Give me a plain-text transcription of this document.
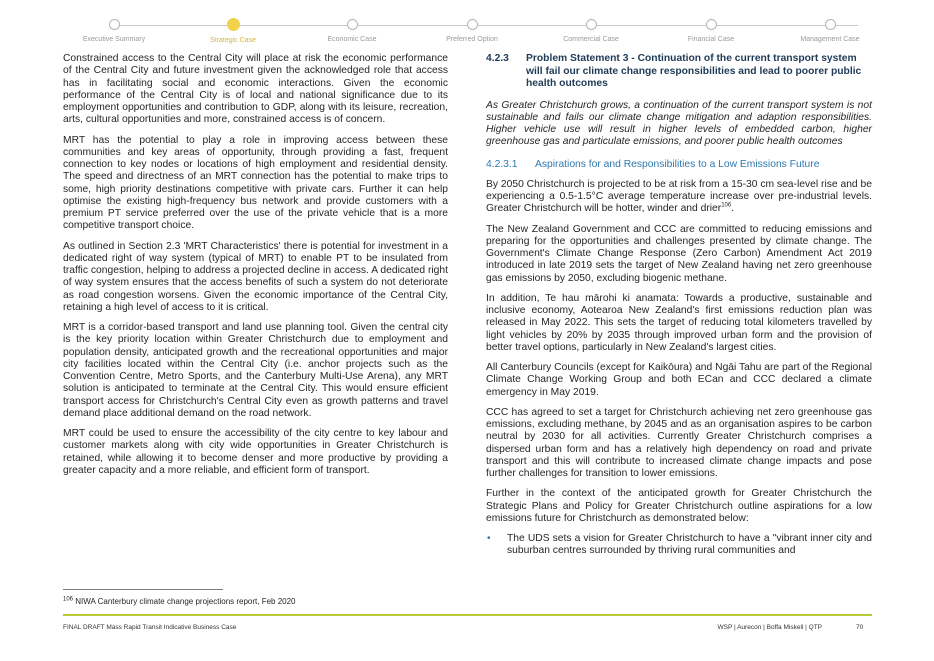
Executive Summary	Strategic Case	Economic Case	Preferred Option	Commercial Case	Financial Case	Management Case

Constrained access to the Central City will place at risk the economic performance of the Central City and future investment given the acknowledged role that access has in facilitating social and economic interactions. Given the economic performance of the Central City is of local and national significance due to its employment opportunities and contribution to GDP, along with its leisure, recreation, arts, cultural opportunities and more, constrained access is of concern.

MRT has the potential to play a role in improving access between these communities and key areas of opportunity, through providing a fast, frequent connection to key nodes or locations of high employment and residential density. The speed and directness of an MRT connection has the potential to make trips to some, high priority destinations competitive with private cars. Further it can help optimise the existing high-frequency bus network and provide customers with a premium PT service preferred over the use of the private vehicle that is a more competitive transport choice.

As outlined in Section 2.3 'MRT Characteristics' there is potential for investment in a dedicated right of way system (typical of MRT) to enable PT to be insulated from traffic congestion, helping to address a projected decline in access. A dedicated right of way system ensures that the access benefits of such a system do not deteriorate as road congestion worsens. Given the economic importance of the Central City, retaining a high level of access to it is critical.

MRT is a corridor-based transport and land use planning tool. Given the central city is the key priority location within Greater Christchurch due to employment and population density, anticipated growth and the recreational opportunities and major city facilities located within the Central City (i.e. anchor projects such as the Convention Centre, Metro Sports, and the Canterbury Multi-Use Arena), any MRT solution is anticipated to terminate at the Central City. This would ensure efficient transport access for Christchurch's Central City even as growth patterns and travel demand place additional demand on the road network.

MRT could be used to ensure the accessibility of the city centre to key labour and customer markets along with city wide opportunities in Greater Christchurch is retained, while allowing it to become denser and more productive by providing a greater capacity and a more reliable, and efficient form of transport.

4.2.3	Problem Statement 3 - Continuation of the current transport system will fail our climate change responsibilities and lead to poorer public health outcomes

As Greater Christchurch grows, a continuation of the current transport system is not sustainable and fails our climate change mitigation and adaption responsibilities. Higher vehicle use will result in higher levels of embedded carbon, higher greenhouse gas and particulate emissions, and poorer public health outcomes

4.2.3.1	Aspirations for and Responsibilities to a Low Emissions Future

By 2050 Christchurch is projected to be at risk from a 15-30 cm sea-level rise and be experiencing a 0.5-1.5°C average temperature increase over pre-industrial levels. Greater Christchurch will be hotter, winder and drier$^{106}$.

The New Zealand Government and CCC are committed to reducing emissions and preparing for the opportunities and challenges presented by climate change. The Government's Climate Change Response (Zero Carbon) Amendment Act 2019 introduced in late 2019 sets the target of New Zealand having net zero greenhouse gas emissions by 2050, excluding biogenic methane.

In addition, Te hau mārohi ki anamata: Towards a productive, sustainable and inclusive economy, Aotearoa New Zealand's first emissions reduction plan was released in May 2022. This sets the target of reducing total kilometers travelled by light vehicles by 20% by 2035 through improved urban form and the provision of better travel options, particularly in New Zealand's largest cities.

All Canterbury Councils (except for Kaikōura) and Ngāi Tahu are part of the Regional Climate Change Working Group and both ECan and CCC declared a climate emergency in May 2019.

CCC has agreed to set a target for Christchurch achieving net zero greenhouse gas emissions, excluding methane, by 2045 and as an organisation aspires to be carbon neutral by 2030 for all activities. Currently Greater Christchurch comprises a dispersed urban form and has a relatively high dependency on road and private transport and this will contribute to increased climate change impacts and pose further challenges for transition to lower emissions.

Further in the context of the anticipated growth for Greater Christchurch the Strategic Plans and Policy for Greater Christchurch outline aspirations for a low emissions future for Christchurch as demonstrated below:

• The UDS sets a vision for Greater Christchurch to have a "vibrant inner city and suburban centres surrounded by thriving rural communities and
$^{106}$ NIWA Canterbury climate change projections report, Feb 2020
FINAL DRAFT Mass Rapid Transit Indicative Business Case	WSP | Aurecon | Boffa Miskell | QTP	70
